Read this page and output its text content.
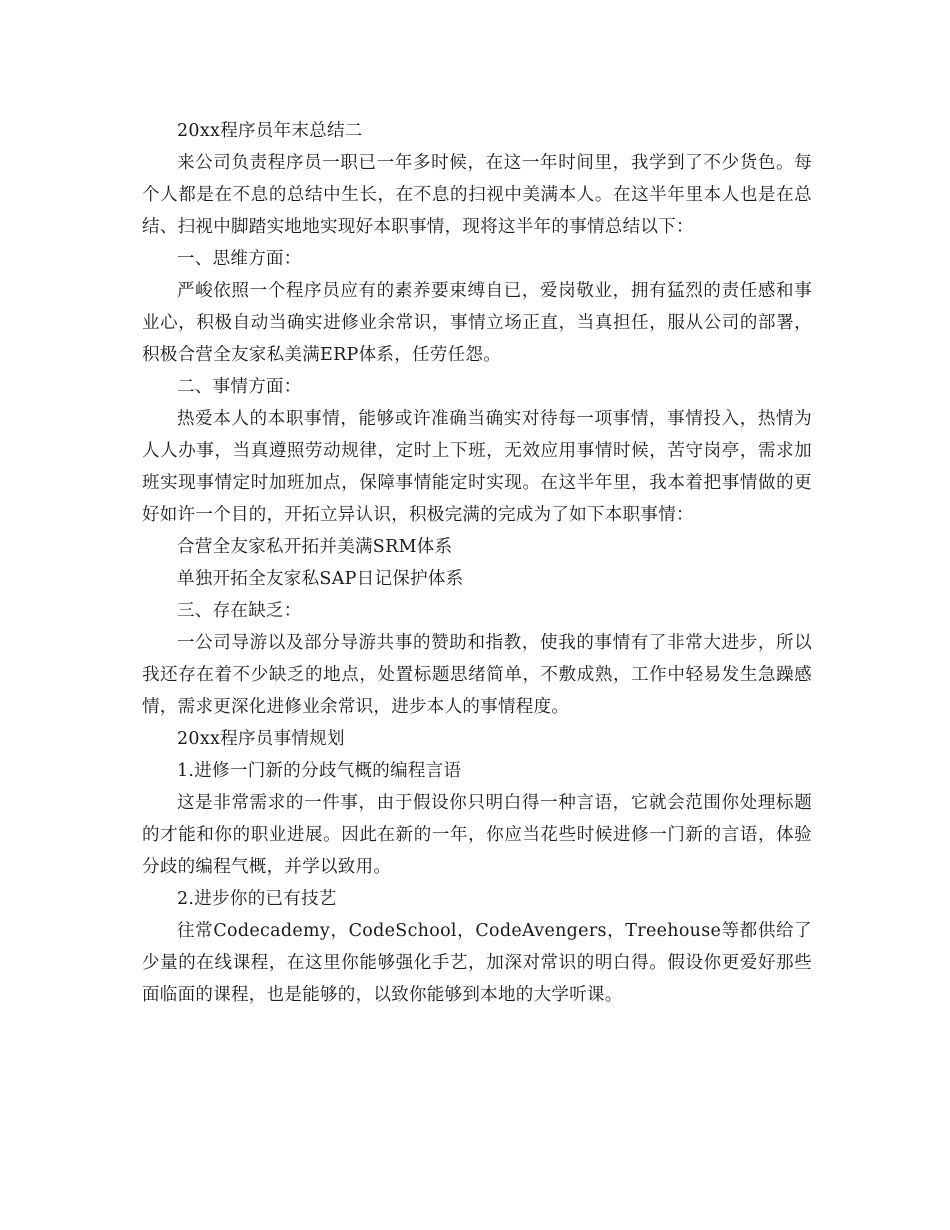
20xx程序员年末总结二

来公司负责程序员一职已一年多时候，在这一年时间里，我学到了不少货色。每个人都是在不息的总结中生长，在不息的扫视中美满本人。在这半年里本人也是在总结、扫视中脚踏实地地实现好本职事情，现将这半年的事情总结以下：

一、思维方面：

严峻依照一个程序员应有的素养要束缚自已，爱岗敬业，拥有猛烈的责任感和事业心，积极自动当确实进修业余常识，事情立场正直，当真担任，服从公司的部署，积极合营全友家私美满ERP体系，任劳任怨。

二、事情方面：

热爱本人的本职事情，能够或许准确当确实对待每一项事情，事情投入，热情为人人办事，当真遵照劳动规律，定时上下班，无效应用事情时候，苦守岗亭，需求加班实现事情定时加班加点，保障事情能定时实现。在这半年里，我本着把事情做的更好如许一个目的，开拓立异认识，积极完满的完成为了如下本职事情：

合营全友家私开拓并美满SRM体系

单独开拓全友家私SAP日记保护体系

三、存在缺乏：

一公司导游以及部分导游共事的赞助和指教，使我的事情有了非常大进步，所以我还存在着不少缺乏的地点，处置标题思绪简单，不敷成熟，工作中轻易发生急躁感情，需求更深化进修业余常识，进步本人的事情程度。

20xx程序员事情规划

1.进修一门新的分歧气概的编程言语

这是非常需求的一件事，由于假设你只明白得一种言语，它就会范围你处理标题的才能和你的职业进展。因此在新的一年，你应当花些时候进修一门新的言语，体验分歧的编程气概，并学以致用。

2.进步你的已有技艺

往常Codecademy，CodeSchool，CodeAvengers，Treehouse等都供给了少量的在线课程，在这里你能够强化手艺，加深对常识的明白得。假设你更爱好那些面临面的课程，也是能够的，以致你能够到本地的大学听课。
